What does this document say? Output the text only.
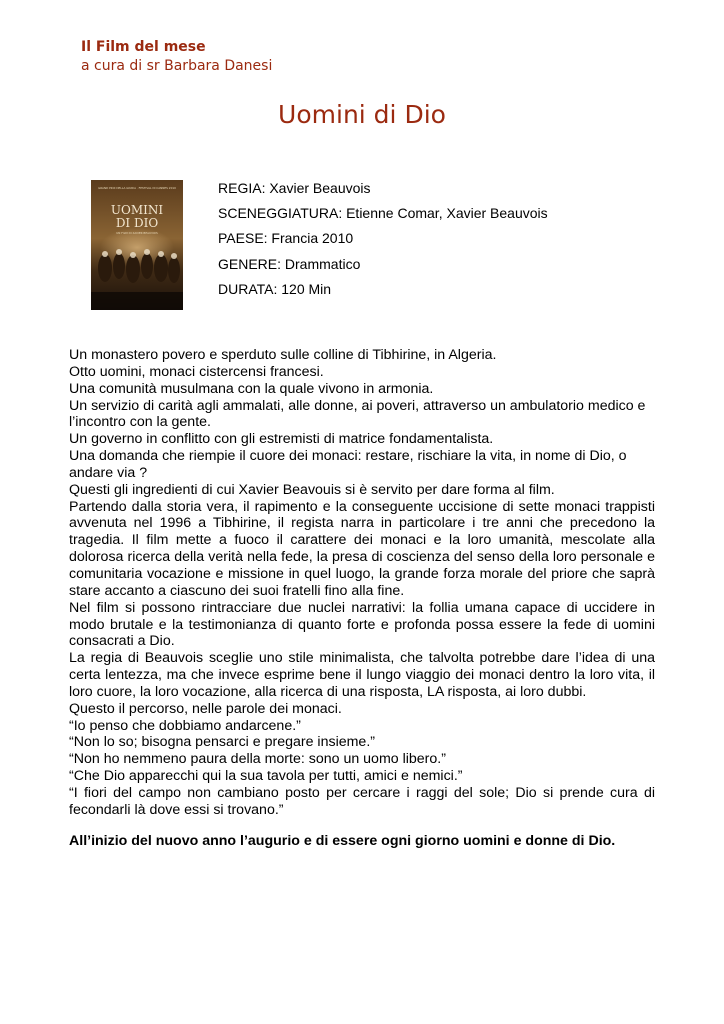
Il Film del mese
a cura di sr Barbara Danesi
Uomini di Dio
GRAND PRIX DELLA GIURIA · FESTIVAL DI CANNES 2010
UOMINI
DI DIO
UN FILM DI XAVIER BEAUVOIS
REGIA: Xavier Beauvois
SCENEGGIATURA: Etienne Comar, Xavier Beauvois
PAESE: Francia 2010
GENERE: Drammatico
DURATA: 120 Min

Un monastero povero e sperduto sulle colline di Tibhirine, in Algeria.

Otto uomini, monaci cistercensi francesi.

Una comunità musulmana con la quale vivono in armonia.

Un servizio di carità agli ammalati, alle donne, ai poveri, attraverso un ambulatorio medico e l’incontro con la gente.

Un governo in conflitto con gli estremisti di matrice fondamentalista.

Una domanda che riempie il cuore dei monaci: restare, rischiare la vita, in nome di Dio, o andare via ?

Questi gli ingredienti di cui Xavier Beavouis si è servito per dare forma al film.

Partendo dalla storia vera, il rapimento e la conseguente uccisione di sette monaci trappisti avvenuta nel 1996 a Tibhirine, il regista narra in particolare i tre anni che precedono la tragedia. Il film mette a fuoco il carattere dei monaci e la loro umanità, mescolate alla dolorosa ricerca della verità nella fede, la presa di coscienza del senso della loro personale e comunitaria vocazione e missione in quel luogo, la grande forza morale del priore che saprà stare accanto a ciascuno dei suoi fratelli fino alla fine.

Nel film si possono rintracciare due nuclei narrativi: la follia umana capace di uccidere in modo brutale e la testimonianza di quanto forte e profonda possa essere la fede di uomini consacrati a Dio.

La regia di Beauvois sceglie uno stile minimalista, che talvolta potrebbe dare l’idea di una certa lentezza, ma che invece esprime bene il lungo viaggio dei monaci dentro la loro vita, il loro cuore, la loro vocazione, alla ricerca di una risposta, LA risposta, ai loro dubbi.

Questo il percorso, nelle parole dei monaci.

“Io penso che dobbiamo andarcene.”

“Non lo so; bisogna pensarci e pregare insieme.”

“Non ho nemmeno paura della morte: sono un uomo libero.”

“Che Dio apparecchi qui la sua tavola per tutti, amici e nemici.”

“I fiori del campo non cambiano posto per cercare i raggi del sole; Dio si prende cura di fecondarli là dove essi si trovano.”

All’inizio del nuovo anno l’augurio e di essere ogni giorno uomini e donne di Dio.
